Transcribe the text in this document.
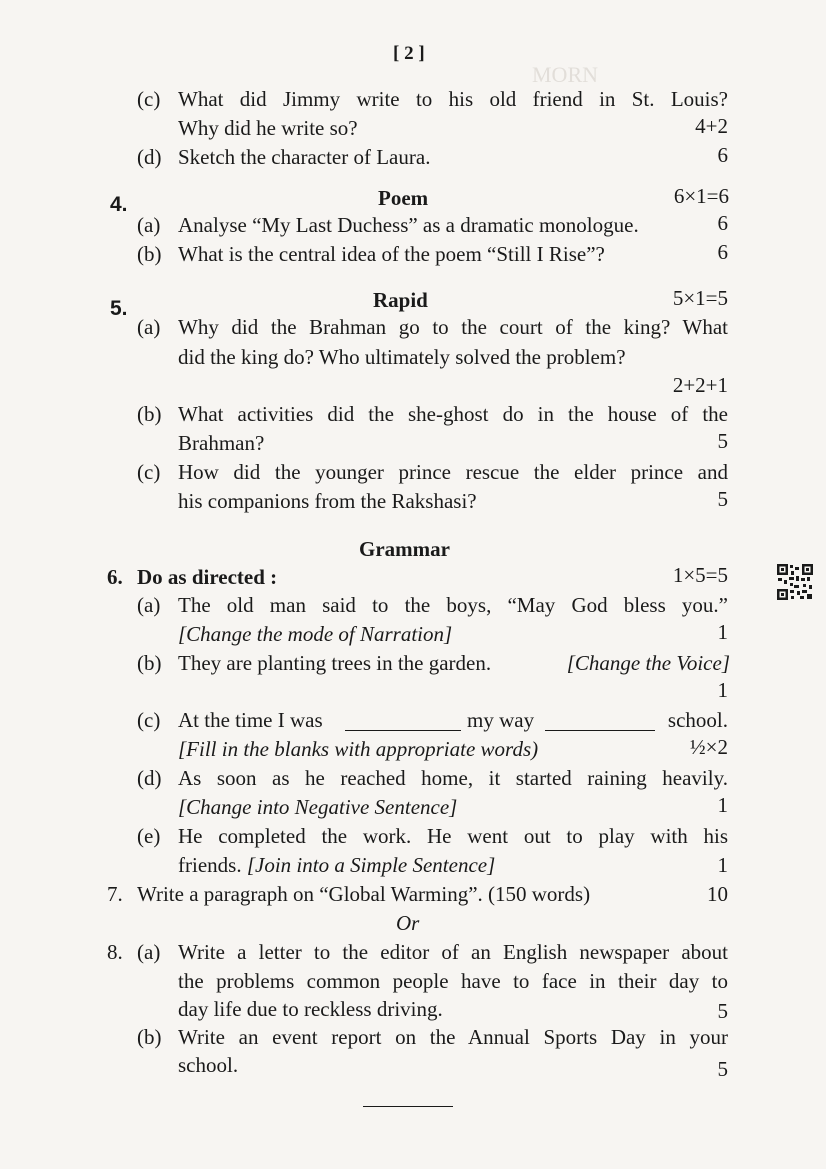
MORN
[ 2 ]
(c) What did Jimmy write to his old friend in St. Louis?
Why did he write so?	4+2
(d) Sketch the character of Laura.	6
4.	Poem	6×1=6
(a) Analyse “My Last Duchess” as a dramatic monologue.	6
(b) What is the central idea of the poem “Still I Rise”?	6
5.	Rapid	5×1=5
(a) Why did the Brahman go to the court of the king? What
did the king do? Who ultimately solved the problem?
2+2+1
(b) What activities did the she-ghost do in the house of the
Brahman?	5
(c) How did the younger prince rescue the elder prince and
his companions from the Rakshasi?	5
Grammar
6. Do as directed :	1×5=5
(a) The old man said to the boys, “May God bless you.”
[Change the mode of Narration]	1
(b) They are planting trees in the garden.	[Change the Voice]
1
(c) At the time I was	my way	school.
[Fill in the blanks with appropriate words)	½×2
(d) As soon as he reached home, it started raining heavily.
[Change into Negative Sentence]	1
(e) He completed the work. He went out to play with his
friends. [Join into a Simple Sentence]	1
7. Write a paragraph on “Global Warming”. (150 words)	10
Or
8. (a) Write a letter to the editor of an English newspaper about
the problems common people have to face in their day to
day life due to reckless driving.	5
(b) Write an event report on the Annual Sports Day in your
school.	5
